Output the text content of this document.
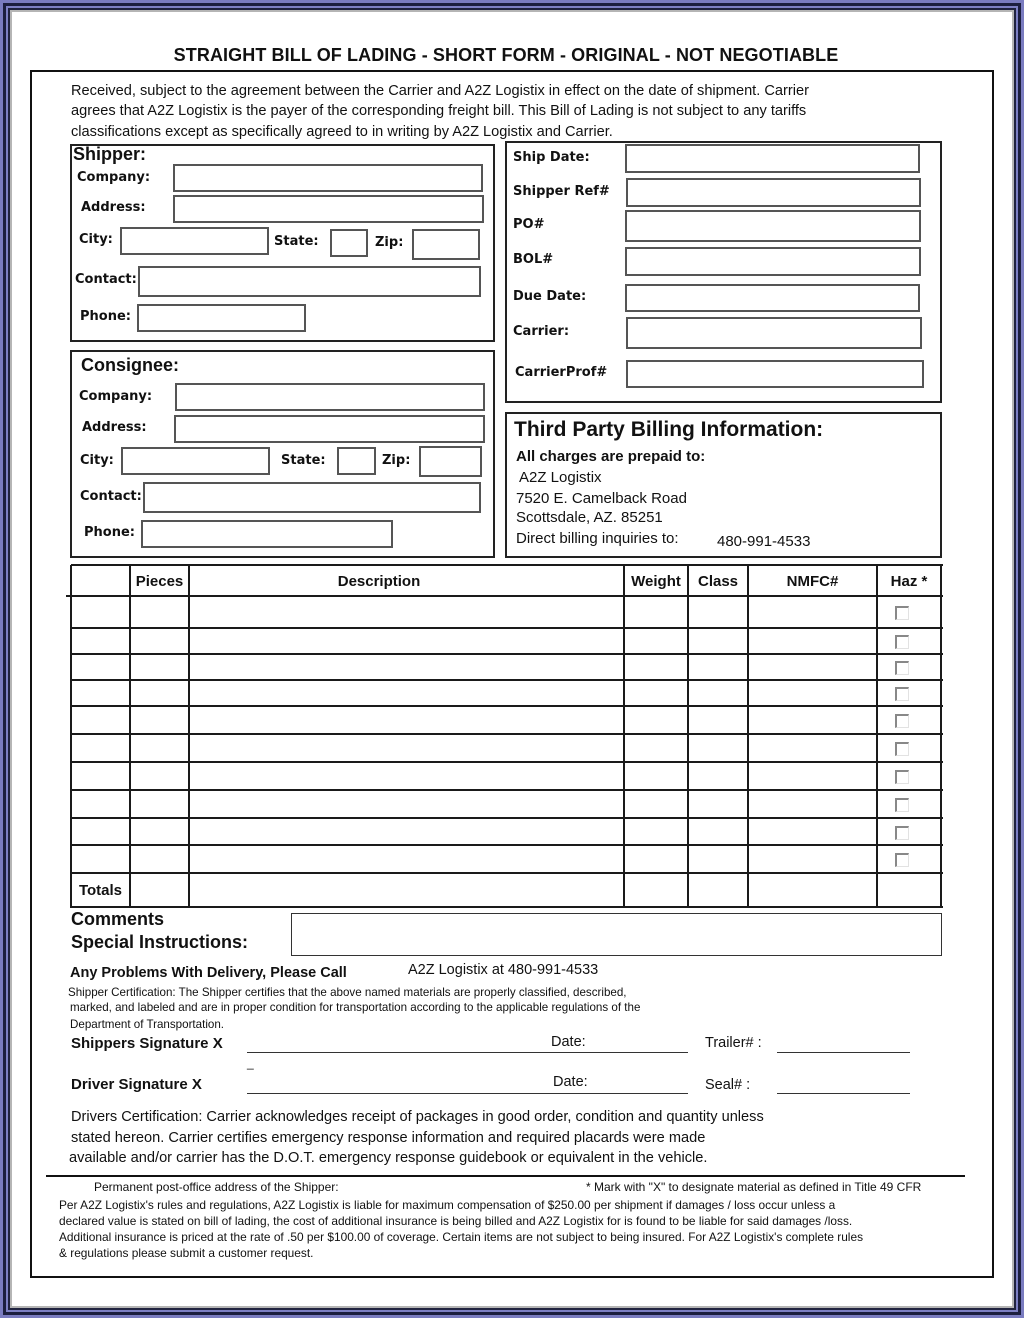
STRAIGHT BILL OF LADING - SHORT FORM - ORIGINAL - NOT NEGOTIABLE
Received, subject to the agreement between the Carrier and A2Z Logistix in effect on the date of shipment. Carrier
agrees that A2Z Logistix is the payer of the corresponding freight bill. This Bill of Lading is not subject to any tariffs
classifications except as specifically agreed to in writing by A2Z Logistix and Carrier.
Shipper:
Company:
Address:
City:	State:	Zip:
Contact:
Phone:
Ship Date:
Shipper Ref#
PO#
BOL#
Due Date:
Carrier:
CarrierProf#
Consignee:
Company:
Address:
City:	State:	Zip:
Contact:
Phone:
Third Party Billing Information:
All charges are prepaid to:
A2Z Logistix
7520 E. Camelback Road
Scottsdale, AZ. 85251
Direct billing inquiries to:	480-991-4533
Pieces	Description	Weight	Class	NMFC#	Haz *
Totals
Comments
Special Instructions:
Any Problems With Delivery, Please Call	A2Z Logistix at 480-991-4533
Shipper Certification: The Shipper certifies that the above named materials are properly classified, described,
marked, and labeled and are in proper condition for transportation according to the applicable regulations of the
Department of Transportation.
Shippers Signature X	Date:	Trailer# :
_
Driver Signature X	Date:	Seal# :
Drivers Certification: Carrier acknowledges receipt of packages in good order, condition and quantity unless
stated hereon. Carrier certifies emergency response information and required placards were made
available and/or carrier has the D.O.T. emergency response guidebook or equivalent in the vehicle.
Permanent post-office address of the Shipper:	* Mark with "X" to designate material as defined in Title 49 CFR
Per A2Z Logistix's rules and regulations, A2Z Logistix is liable for maximum compensation of $250.00 per shipment if damages / loss occur unless a
declared value is stated on bill of lading, the cost of additional insurance is being billed and A2Z Logistix for is found to be liable for said damages /loss.
Additional insurance is priced at the rate of .50 per $100.00 of coverage. Certain items are not subject to being insured. For A2Z Logistix's complete rules
& regulations please submit a customer request.
